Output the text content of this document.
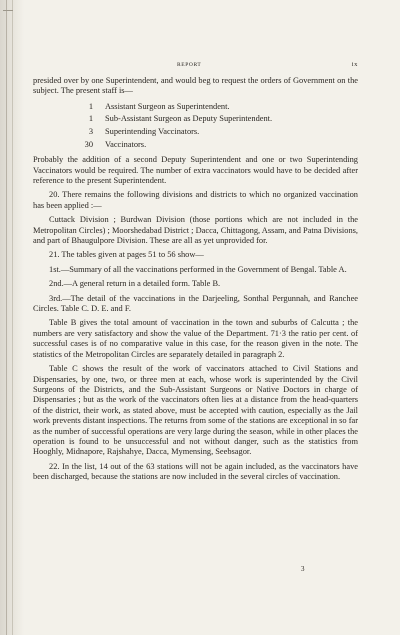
REPORT	ix

presided over by one Superintendent, and would beg to request the orders of Government on the subject. The present staff is—

1	Assistant Surgeon as Superintendent.
1	Sub-Assistant Surgeon as Deputy Superintendent.
3	Superintending Vaccinators.
30	Vaccinators.

Probably the addition of a second Deputy Superintendent and one or two Superintending Vaccinators would be required. The number of extra vaccinators would have to be decided after reference to the present Superintendent.

20. There remains the following divisions and districts to which no organized vaccination has been applied :—

Cuttack Division ; Burdwan Division (those portions which are not included in the Metropolitan Circles) ; Moorshedabad District ; Dacca, Chittagong, Assam, and Patna Divisions, and part of Bhaugulpore Division. These are all as yet unprovided for.

21. The tables given at pages 51 to 56 show—

1st.—Summary of all the vaccinations performed in the Government of Bengal. Table A.

2nd.—A general return in a detailed form. Table B.

3rd.—The detail of the vaccinations in the Darjeeling, Sonthal Pergunnah, and Ranchee Circles. Table C. D. E. and F.

Table B gives the total amount of vaccination in the town and suburbs of Calcutta ; the numbers are very satisfactory and show the value of the Department. 71·3 the ratio per cent. of successful cases is of no comparative value in this case, for the reason given in the note. The statistics of the Metropolitan Circles are separately detailed in paragraph 2.

Table C shows the result of the work of vaccinators attached to Civil Stations and Dispensaries, by one, two, or three men at each, whose work is superintended by the Civil Surgeons of the Districts, and the Sub-Assistant Surgeons or Native Doctors in charge of Dispensaries ; but as the work of the vaccinators often lies at a distance from the head-quarters of the district, their work, as stated above, must be accepted with caution, especially as the Jail work prevents distant inspections. The returns from some of the stations are exceptional in so far as the number of successful operations are very large during the season, while in other places the operation is found to be unsuccessful and not without danger, such as the statistics from Hooghly, Midnapore, Rajshahye, Dacca, Mymensing, Seebsagor.

22. In the list, 14 out of the 63 stations will not be again included, as the vaccinators have been discharged, because the stations are now included in the several circles of vaccination.

3
